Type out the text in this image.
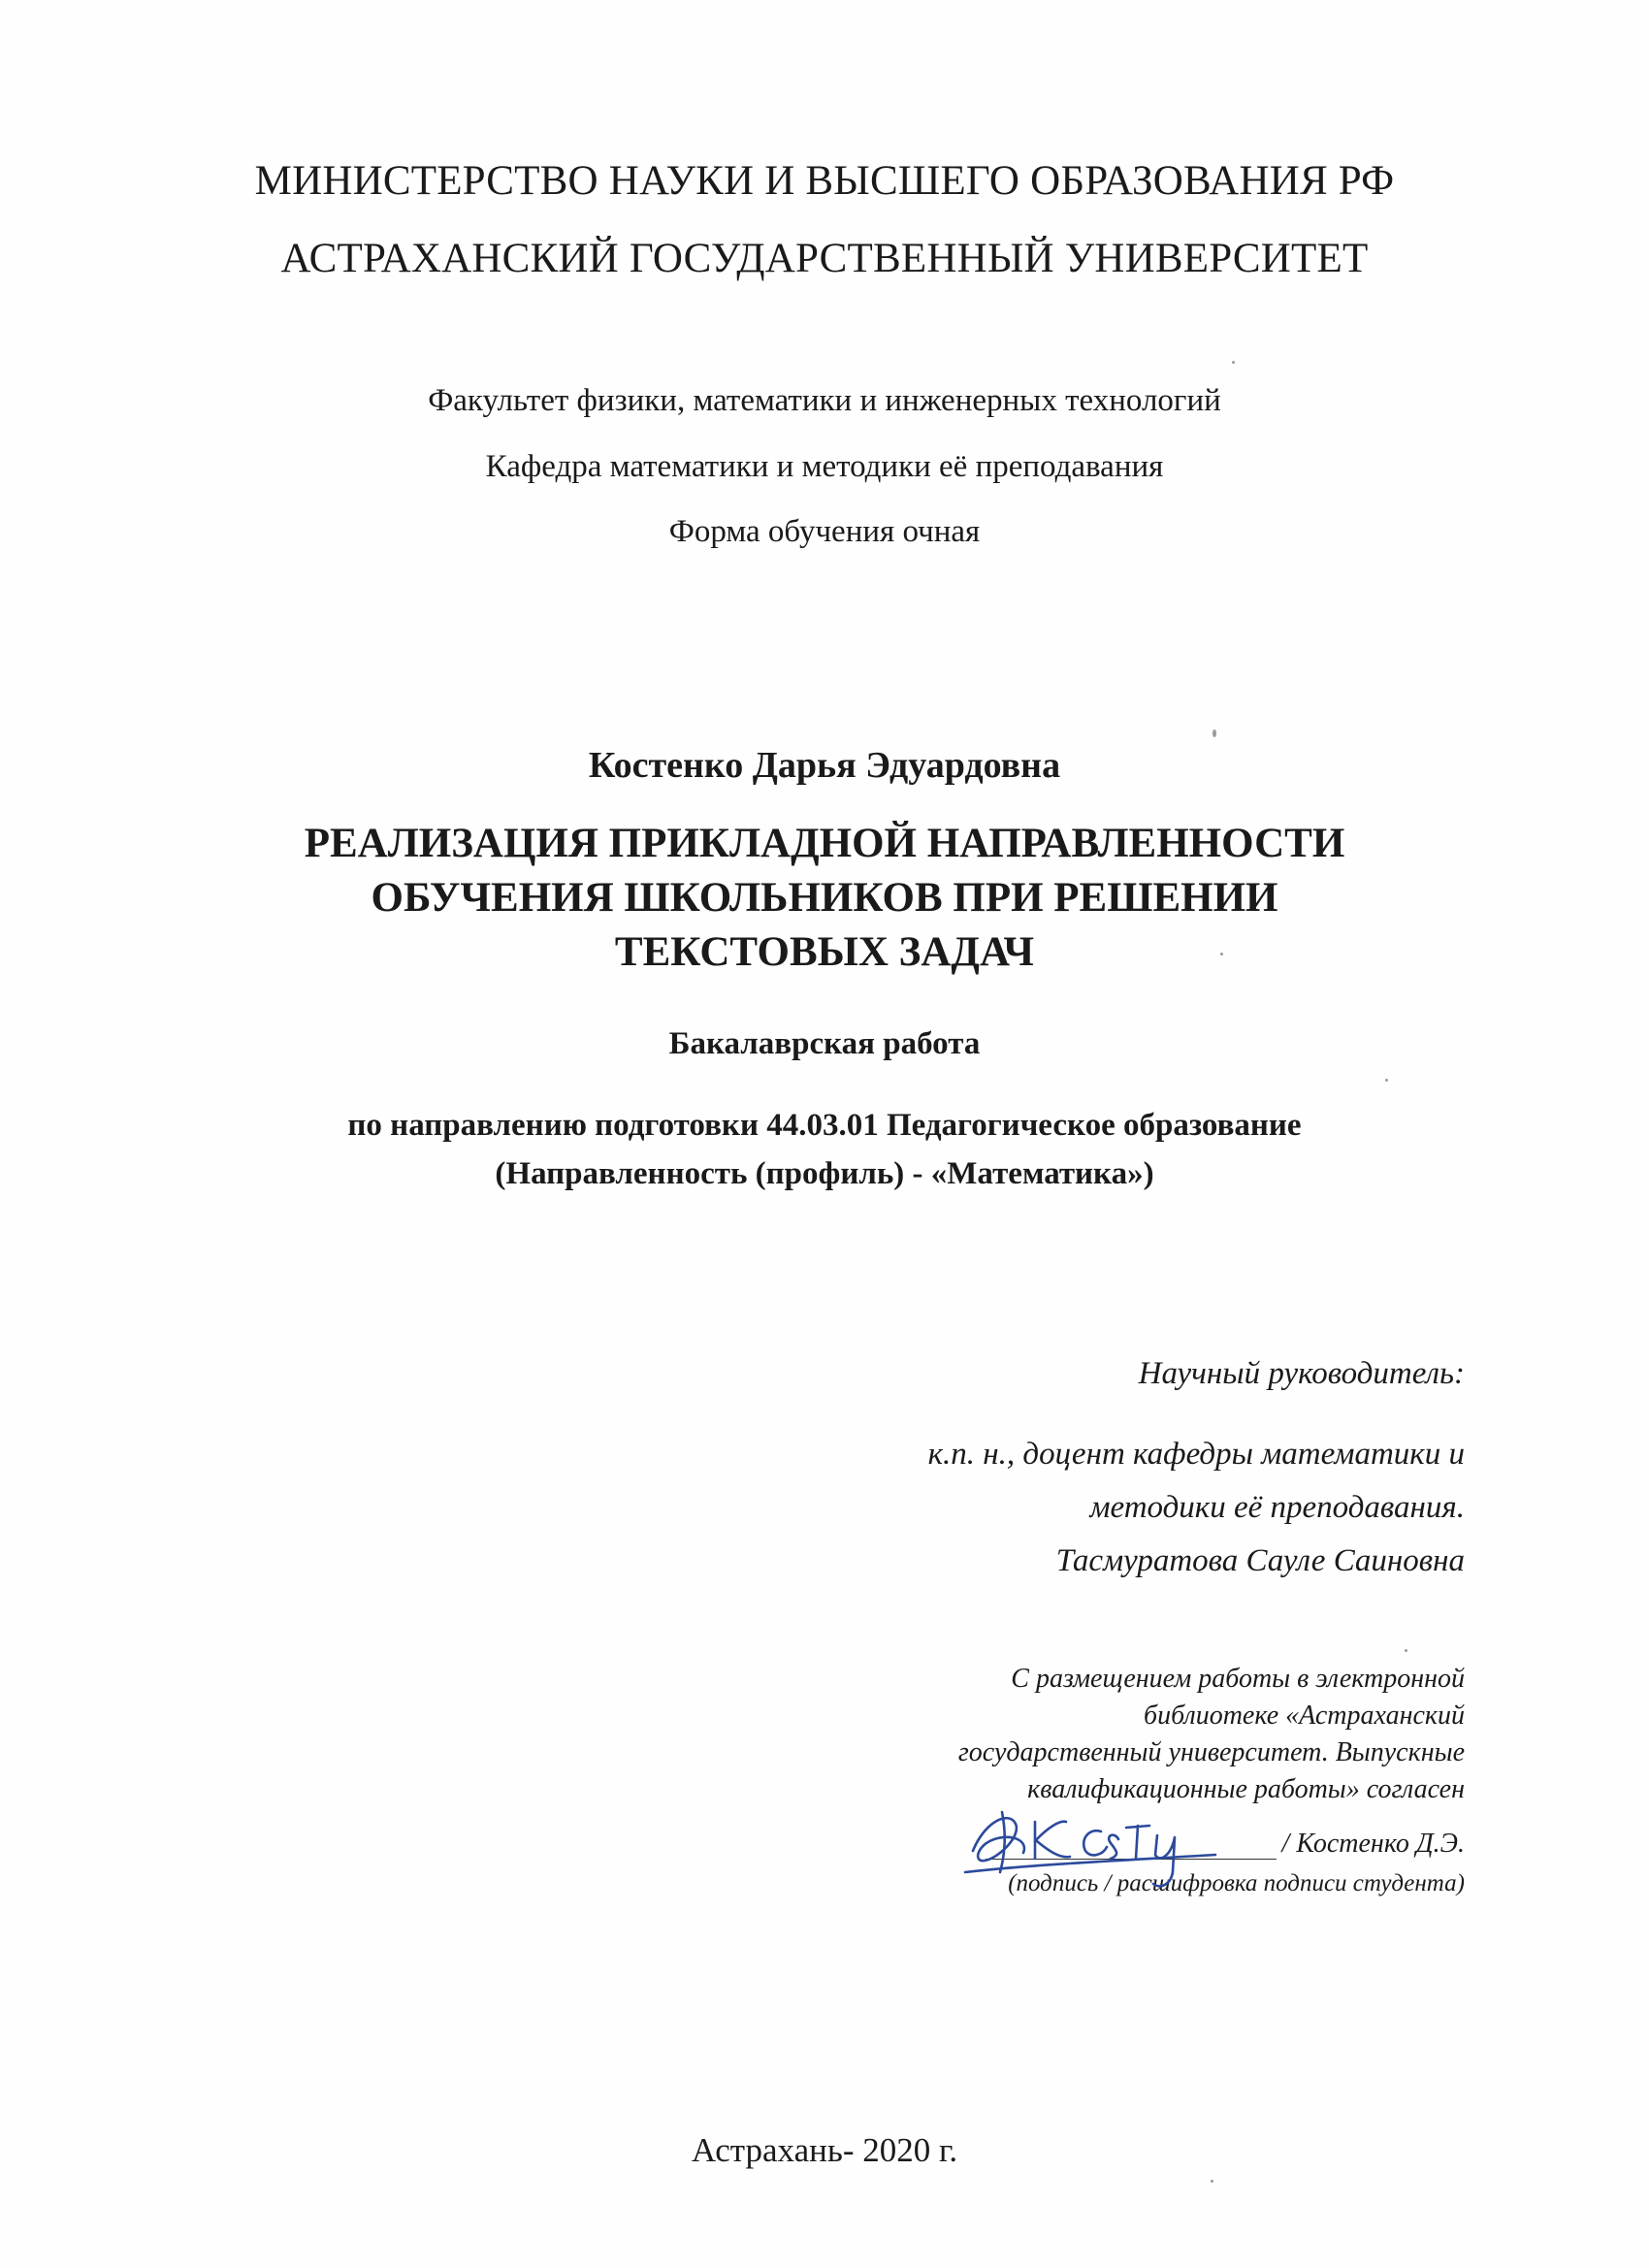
МИНИСТЕРСТВО НАУКИ И ВЫСШЕГО ОБРАЗОВАНИЯ РФ
АСТРАХАНСКИЙ ГОСУДАРСТВЕННЫЙ УНИВЕРСИТЕТ
Факультет физики, математики и инженерных технологий
Кафедра математики и методики её преподавания
Форма обучения очная
Костенко Дарья Эдуардовна
РЕАЛИЗАЦИЯ ПРИКЛАДНОЙ НАПРАВЛЕННОСТИ
ОБУЧЕНИЯ ШКОЛЬНИКОВ ПРИ РЕШЕНИИ
ТЕКСТОВЫХ ЗАДАЧ
Бакалаврская работа
по направлению подготовки 44.03.01 Педагогическое образование
(Направленность (профиль) - «Математика»)
Научный руководитель:
к.п. н., доцент кафедры математики и
методики её преподавания.
Тасмуратова Сауле Саиновна
С размещением работы в электронной
библиотеке «Астраханский
государственный университет. Выпускные
квалификационные работы» согласен
/ Костенко Д.Э.
(подпись / расшифровка подписи студента)
Астрахань- 2020 г.
